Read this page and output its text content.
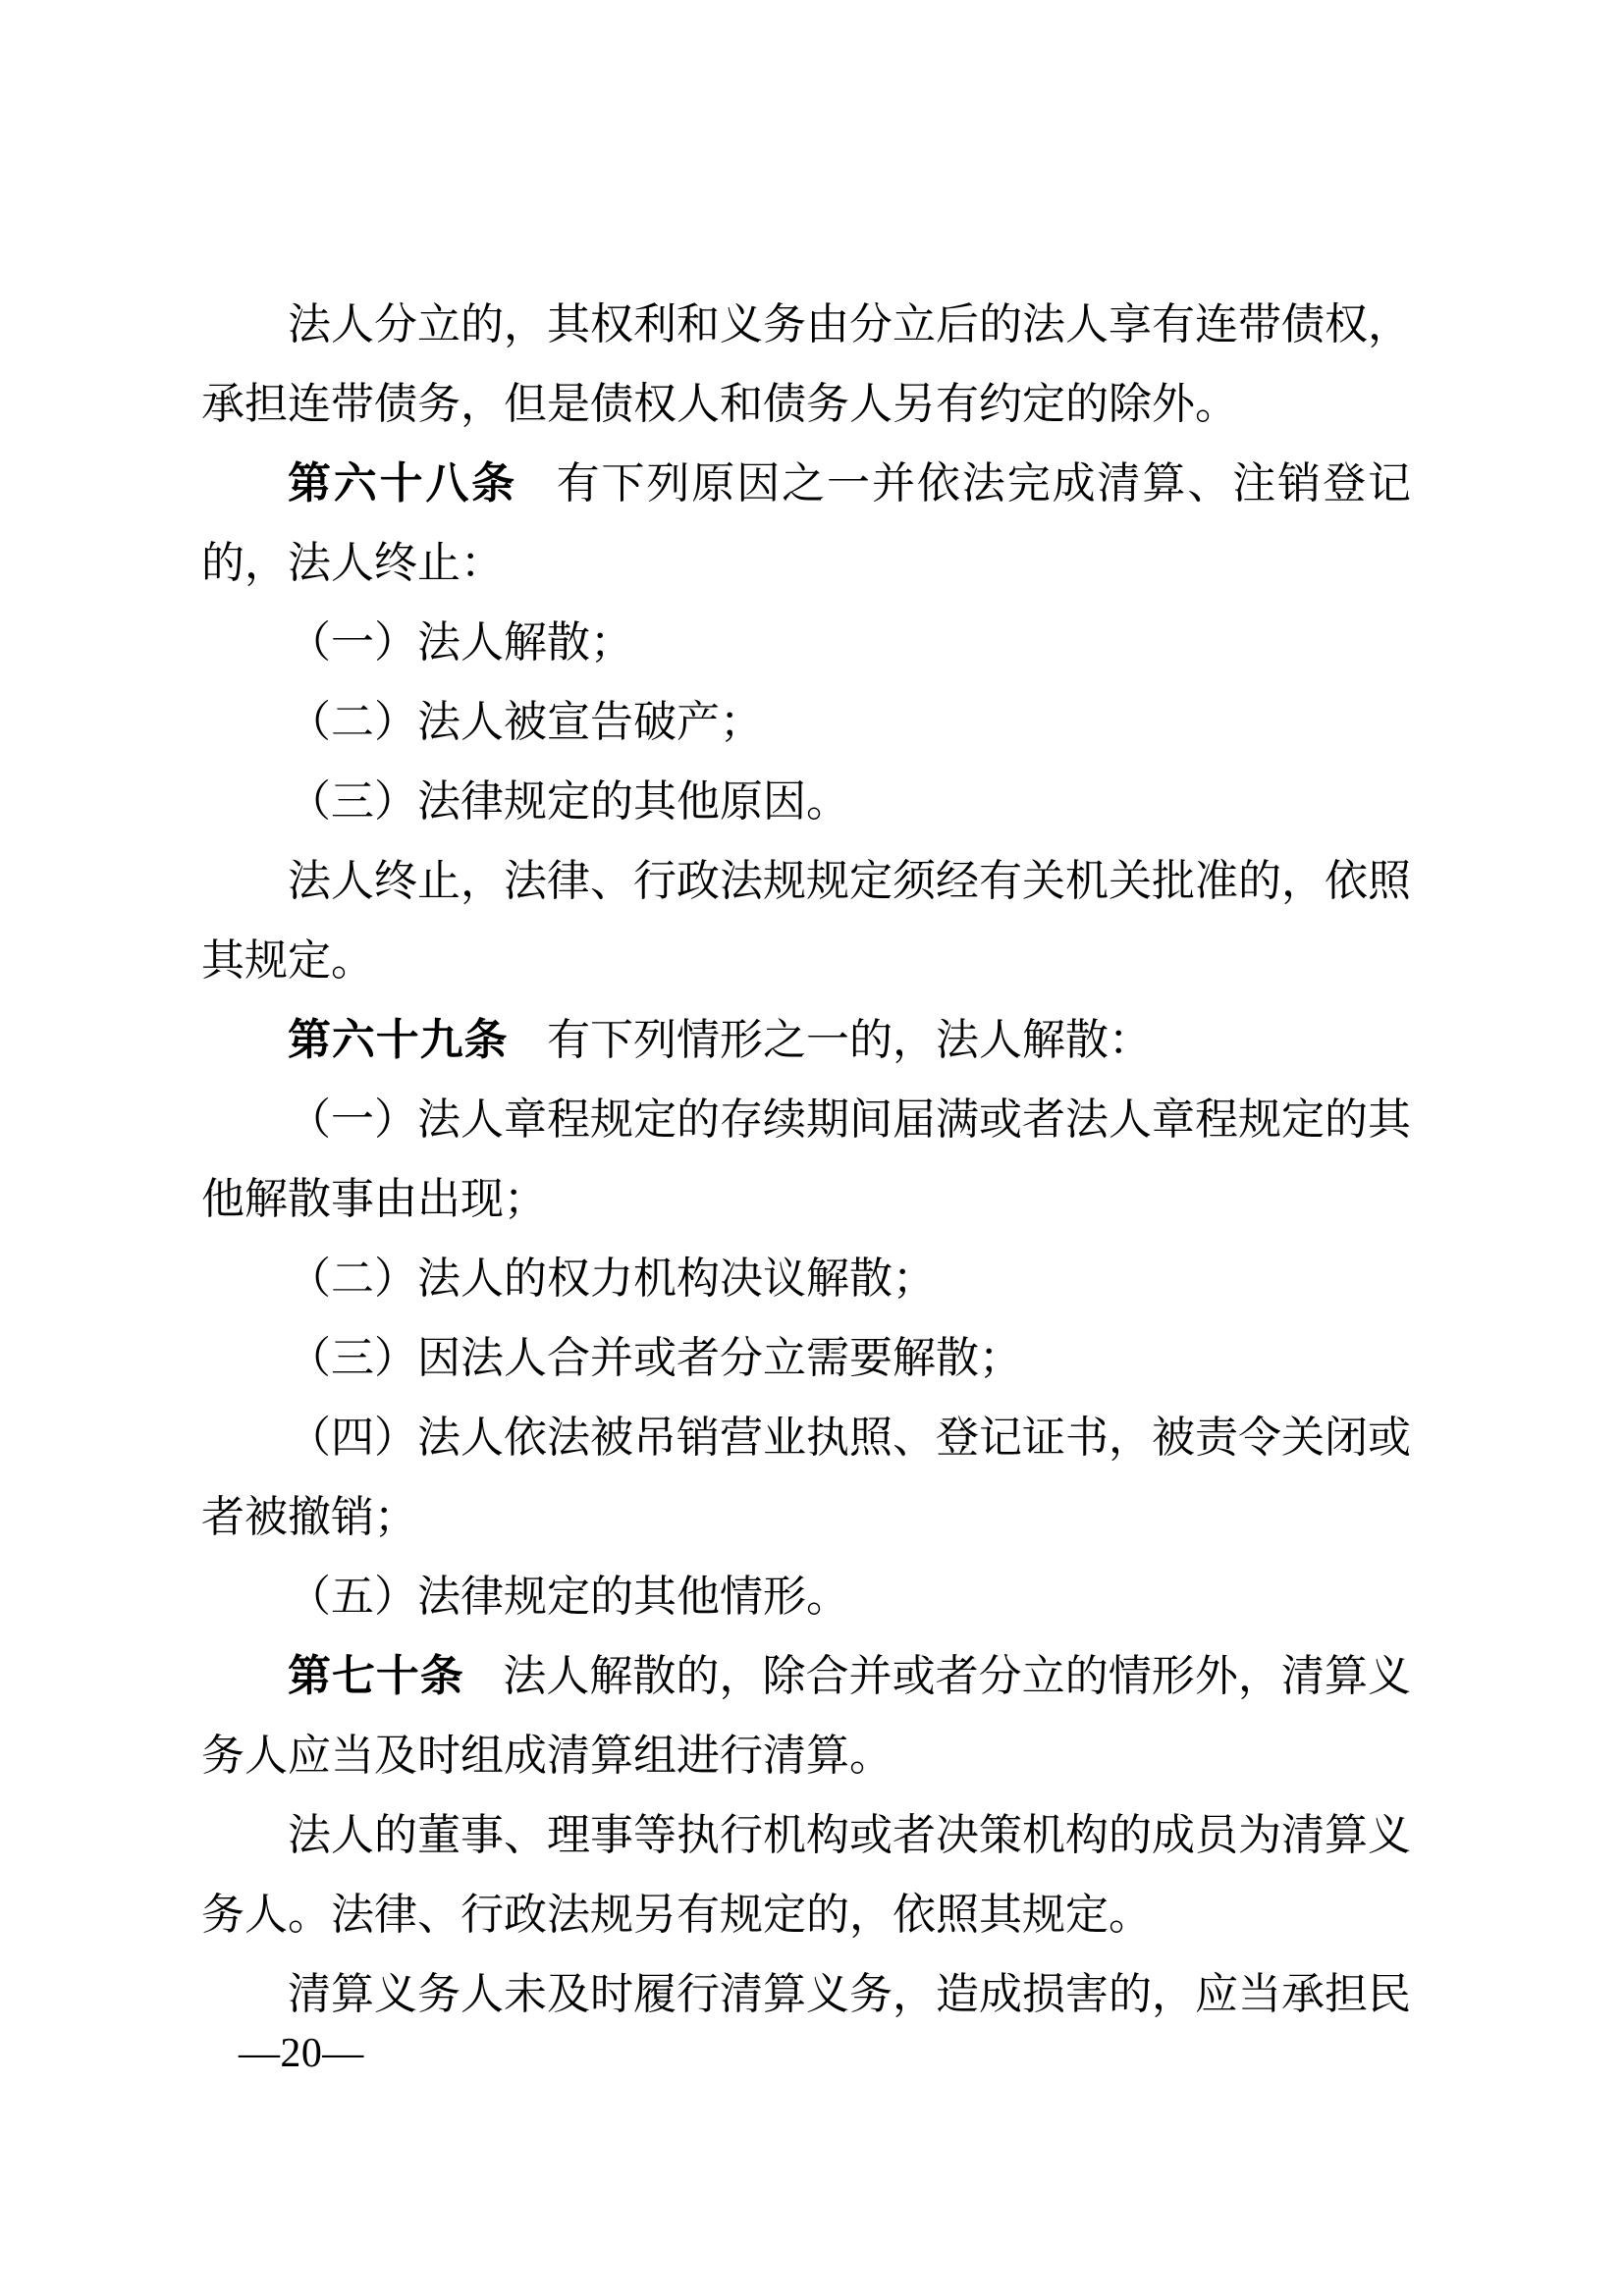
法人分立的，其权利和义务由分立后的法人享有连带债权，承担连带债务，但是债权人和债务人另有约定的除外。

第六十八条 有下列原因之一并依法完成清算、注销登记的，法人终止：

（一）法人解散；

（二）法人被宣告破产；

（三）法律规定的其他原因。

法人终止，法律、行政法规规定须经有关机关批准的，依照其规定。

第六十九条 有下列情形之一的，法人解散：

（一）法人章程规定的存续期间届满或者法人章程规定的其他解散事由出现；

（二）法人的权力机构决议解散；

（三）因法人合并或者分立需要解散；

（四）法人依法被吊销营业执照、登记证书，被责令关闭或者被撤销；

（五）法律规定的其他情形。

第七十条 法人解散的，除合并或者分立的情形外，清算义务人应当及时组成清算组进行清算。

法人的董事、理事等执行机构或者决策机构的成员为清算义务人。法律、行政法规另有规定的，依照其规定。

清算义务人未及时履行清算义务，造成损害的，应当承担民

—20—
